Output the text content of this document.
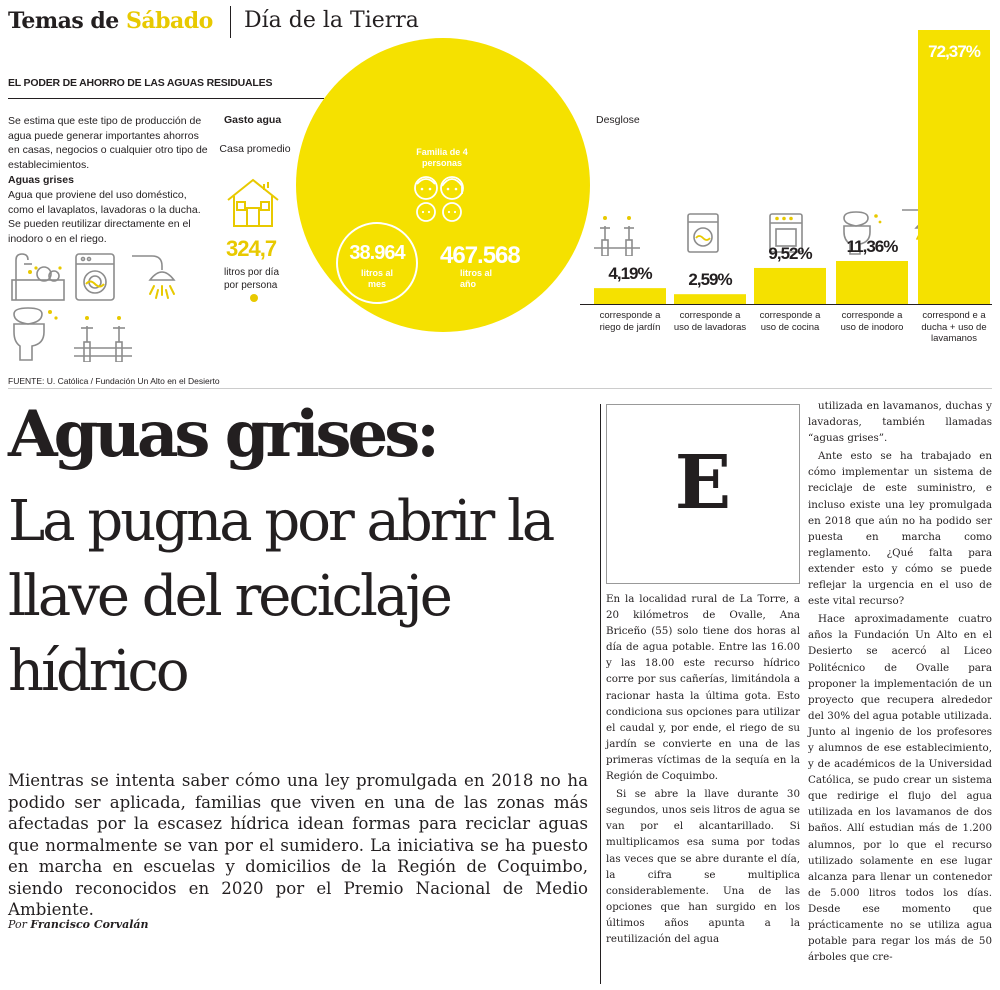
Temas de Sábado Día de la Tierra
EL PODER DE AHORRO DE LAS AGUAS RESIDUALES
Se estima que este tipo de producción de agua puede generar importantes ahorros en casas, negocios o cualquier otro tipo de establecimientos.
Aguas grises
Agua que proviene del uso doméstico, como el lavaplatos, lavadoras o la ducha. Se pueden reutilizar directamente en el inodoro o en el riego.
Gasto agua
Casa promedio
324,7
litros por día por persona
Familia de 4 personas
38.964
litros al mes
467.568
litros al año
Desglose
4,19%
corresponde a riego de jardín
2,59%
corresponde a uso de lavadoras
9,52%
corresponde a uso de cocina
11,36%
corresponde a uso de inodoro
72,37%
correspond e a ducha + uso de lavamanos
FUENTE: U. Católica / Fundación Un Alto en el Desierto
Aguas grises:
La pugna por abrir la llave del reciclaje hídrico

Mientras se intenta saber cómo una ley promulgada en 2018 no ha podido ser aplicada, familias que viven en una de las zonas más afectadas por la escasez hídrica idean formas para reciclar aguas que normalmente se van por el sumidero. La iniciativa se ha puesto en marcha en escuelas y domicilios de la Región de Coquimbo, siendo reconocidos en 2020 por el Premio Nacional de Medio Ambiente.

Por Francisco Corvalán
E

En la localidad rural de La Torre, a 20 kilómetros de Ovalle, Ana Briceño (55) solo tiene dos horas al día de agua potable. Entre las 16.00 y las 18.00 este recurso hídrico corre por sus cañerías, limitándola a racionar hasta la última gota. Esto condiciona sus opciones para utilizar el caudal y, por ende, el riego de su jardín se convierte en una de las primeras víctimas de la sequía en la Región de Coquimbo.

Si se abre la llave durante 30 segundos, unos seis litros de agua se van por el alcantarillado. Si multiplicamos esa suma por todas las veces que se abre durante el día, la cifra se multiplica considerablemente. Una de las opciones que han surgido en los últimos años apunta a la reutilización del agua

utilizada en lavamanos, duchas y lavadoras, también llamadas “aguas grises”.

Ante esto se ha trabajado en cómo implementar un sistema de reciclaje de este suministro, e incluso existe una ley promulgada en 2018 que aún no ha podido ser puesta en marcha como reglamento. ¿Qué falta para extender esto y cómo se puede reflejar la urgencia en el uso de este vital recurso?

Hace aproximadamente cuatro años la Fundación Un Alto en el Desierto se acercó al Liceo Politécnico de Ovalle para proponer la implementación de un proyecto que recupera alrededor del 30% del agua potable utilizada. Junto al ingenio de los profesores y alumnos de ese establecimiento, y de académicos de la Universidad Católica, se pudo crear un sistema que redirige el flujo del agua utilizada en los lavamanos de dos baños. Allí estudian más de 1.200 alumnos, por lo que el recurso utilizado solamente en ese lugar alcanza para llenar un contenedor de 5.000 litros todos los días. Desde ese momento que prácticamente no se utiliza agua potable para regar los más de 50 árboles que cre-
